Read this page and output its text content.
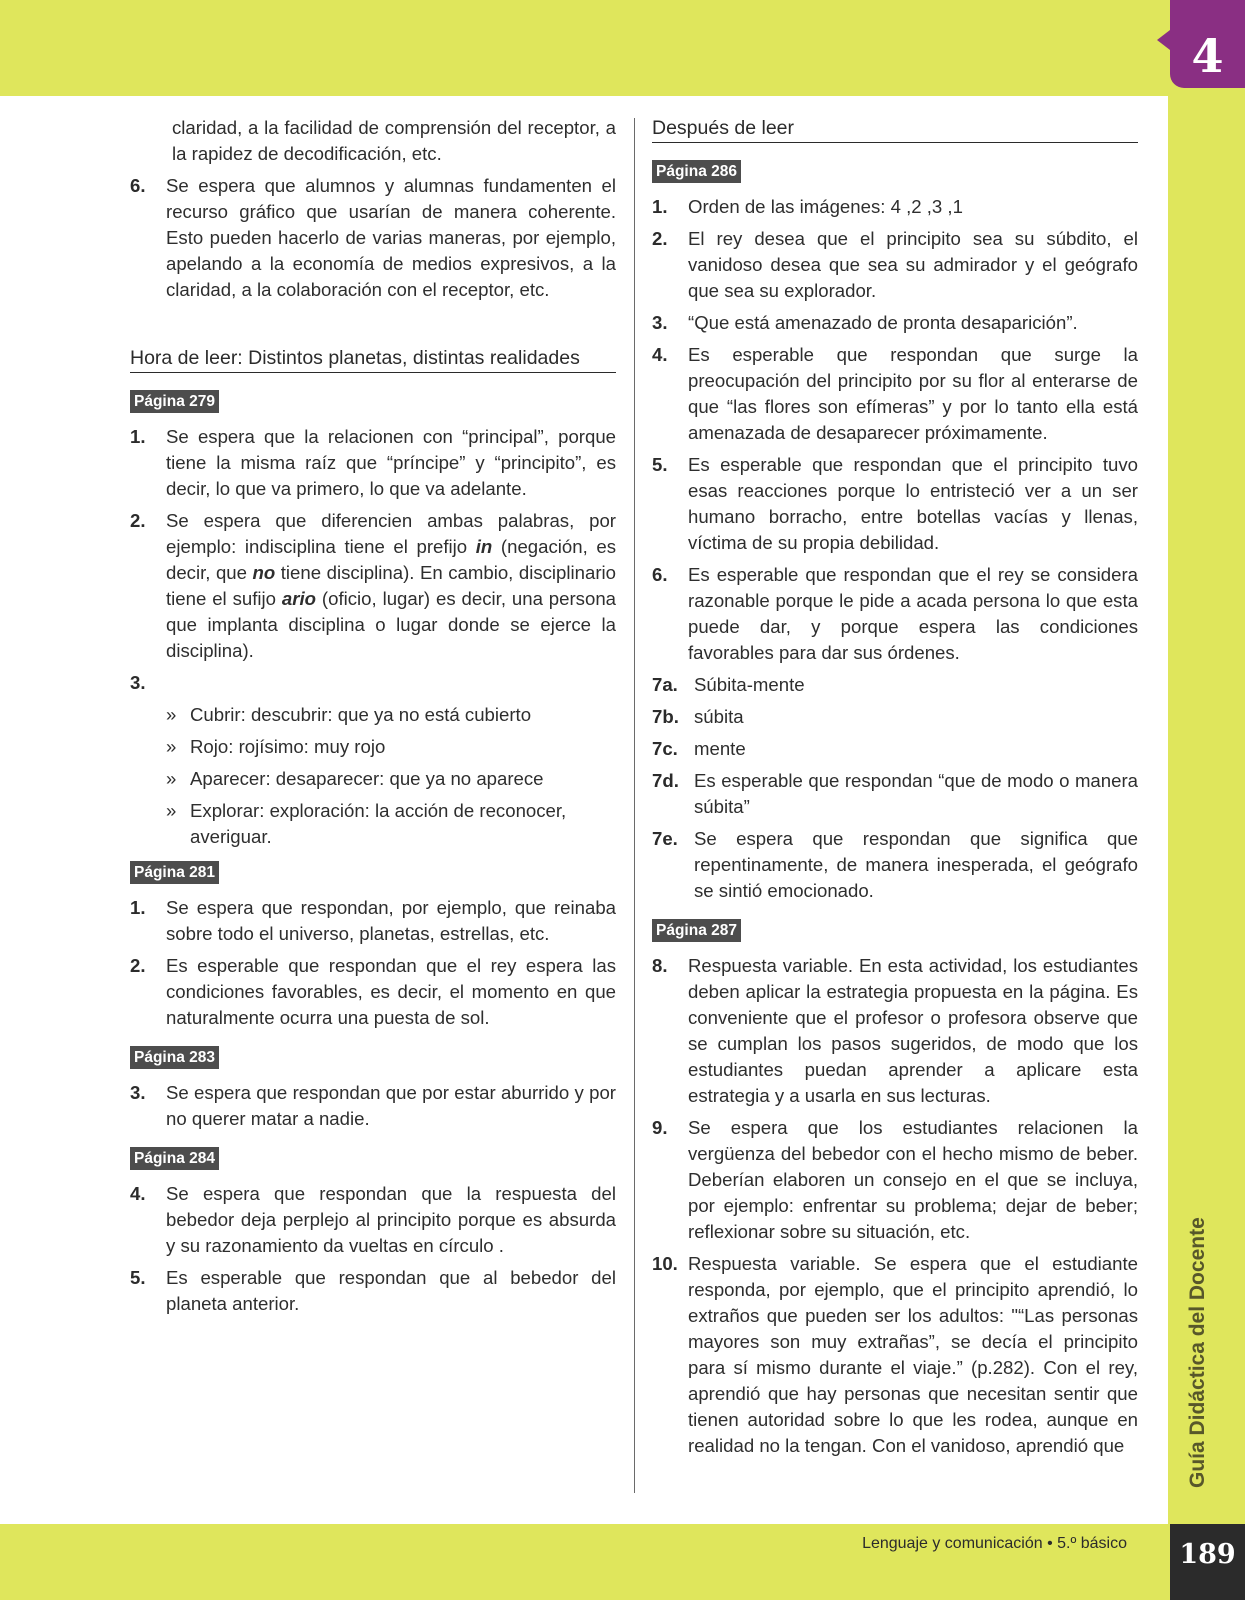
4
Guía Didáctica del Docente
Lenguaje y comunicación • 5.º básico	189
claridad, a la facilidad de comprensión del receptor, a la rapidez de decodificación, etc.
6. Se espera que alumnos y alumnas fundamenten el recurso gráfico que usarían de manera coherente. Esto pueden hacerlo de varias maneras, por ejemplo, apelando a la economía de medios expresivos, a la claridad, a la colaboración con el receptor, etc.
Hora de leer: Distintos planetas, distintas realidades
Página 279
1. Se espera que la relacionen con “principal”, porque tiene la misma raíz que “príncipe” y “principito”, es decir, lo que va primero, lo que va adelante.
2. Se espera que diferencien ambas palabras, por ejemplo: indisciplina tiene el prefijo in (negación, es decir, que no tiene disciplina). En cambio, disciplinario tiene el sufijo ario (oficio, lugar) es decir, una persona que implanta disciplina o lugar donde se ejerce la disciplina).
3.

» Cubrir: descubrir: que ya no está cubierto
» Rojo: rojísimo: muy rojo
» Aparecer: desaparecer: que ya no aparece
» Explorar: exploración: la acción de reconocer, averiguar.
Página 281
1. Se espera que respondan, por ejemplo, que reinaba sobre todo el universo, planetas, estrellas, etc.
2. Es esperable que respondan que el rey espera las condiciones favorables, es decir, el momento en que naturalmente ocurra una puesta de sol.
Página 283
3. Se espera que respondan que por estar aburrido y por no querer matar a nadie.
Página 284
4. Se espera que respondan que la respuesta del bebedor deja perplejo al principito porque es absurda y su razonamiento da vueltas en círculo .
5. Es esperable que respondan que al bebedor del planeta anterior.
Después de leer
Página 286
1. Orden de las imágenes: 4 ,2 ,3 ,1
2. El rey desea que el principito sea su súbdito, el vanidoso desea que sea su admirador y el geógrafo que sea su explorador.
3. “Que está amenazado de pronta desaparición”.
4. Es esperable que respondan que surge la preocupación del principito por su flor al enterarse de que “las flores son efímeras” y por lo tanto ella está amenazada de desaparecer próximamente.
5. Es esperable que respondan que el principito tuvo esas reacciones porque lo entristeció ver a un ser humano borracho, entre botellas vacías y llenas, víctima de su propia debilidad.
6. Es esperable que respondan que el rey se considera razonable porque le pide a acada persona lo que esta puede dar, y porque espera las condiciones favorables para dar sus órdenes.
7a. Súbita-mente
7b. súbita
7c. mente
7d. Es esperable que respondan “que de modo o manera súbita”
7e. Se espera que respondan que significa que repentinamente, de manera inesperada, el geógrafo se sintió emocionado.
Página 287
8. Respuesta variable. En esta actividad, los estudiantes deben aplicar la estrategia propuesta en la página. Es conveniente que el profesor o profesora observe que se cumplan los pasos sugeridos, de modo que los estudiantes puedan aprender a aplicare esta estrategia y a usarla en sus lecturas.
9. Se espera que los estudiantes relacionen la vergüenza del bebedor con el hecho mismo de beber. Deberían elaboren un consejo en el que se incluya, por ejemplo: enfrentar su problema; dejar de beber; reflexionar sobre su situación, etc.
10. Respuesta variable. Se espera que el estudiante responda, por ejemplo, que el principito aprendió, lo extraños que pueden ser los adultos: "“Las personas mayores son muy extrañas”, se decía el principito para sí mismo durante el viaje.” (p.282). Con el rey, aprendió que hay personas que necesitan sentir que tienen autoridad sobre lo que les rodea, aunque en realidad no la tengan. Con el vanidoso, aprendió que
